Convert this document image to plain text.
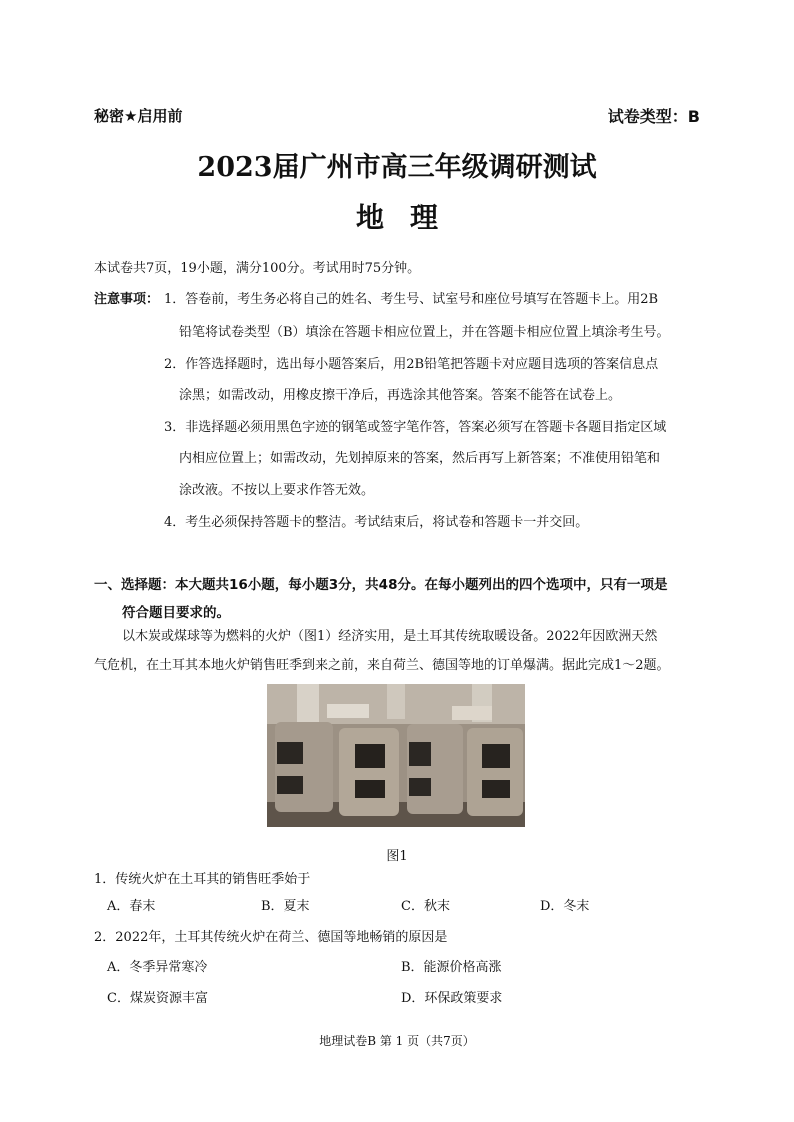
秘密★启用前	试卷类型：B
2023届广州市高三年级调研测试
地理
本试卷共7页，19小题，满分100分。考试用时75分钟。
注意事项： 1．答卷前，考生务必将自己的姓名、考生号、试室号和座位号填写在答题卡上。用2B
铅笔将试卷类型（B）填涂在答题卡相应位置上，并在答题卡相应位置上填涂考生号。
2．作答选择题时，选出每小题答案后，用2B铅笔把答题卡对应题目选项的答案信息点
涂黑；如需改动，用橡皮擦干净后，再选涂其他答案。答案不能答在试卷上。
3．非选择题必须用黑色字迹的钢笔或签字笔作答，答案必须写在答题卡各题目指定区域
内相应位置上；如需改动，先划掉原来的答案，然后再写上新答案；不准使用铅笔和
涂改液。不按以上要求作答无效。
4．考生必须保持答题卡的整洁。考试结束后，将试卷和答题卡一并交回。
一、选择题：本大题共16小题，每小题3分，共48分。在每小题列出的四个选项中，只有一项是
符合题目要求的。
以木炭或煤球等为燃料的火炉（图1）经济实用，是土耳其传统取暖设备。2022年因欧洲天然
气危机，在土耳其本地火炉销售旺季到来之前，来自荷兰、德国等地的订单爆满。据此完成1～2题。
图1
1．传统火炉在土耳其的销售旺季始于
A．春末	B．夏末	C．秋末	D．冬末
2．2022年，土耳其传统火炉在荷兰、德国等地畅销的原因是
A．冬季异常寒冷	B．能源价格高涨
C．煤炭资源丰富	D．环保政策要求
地理试卷B 第 1 页（共7页）
